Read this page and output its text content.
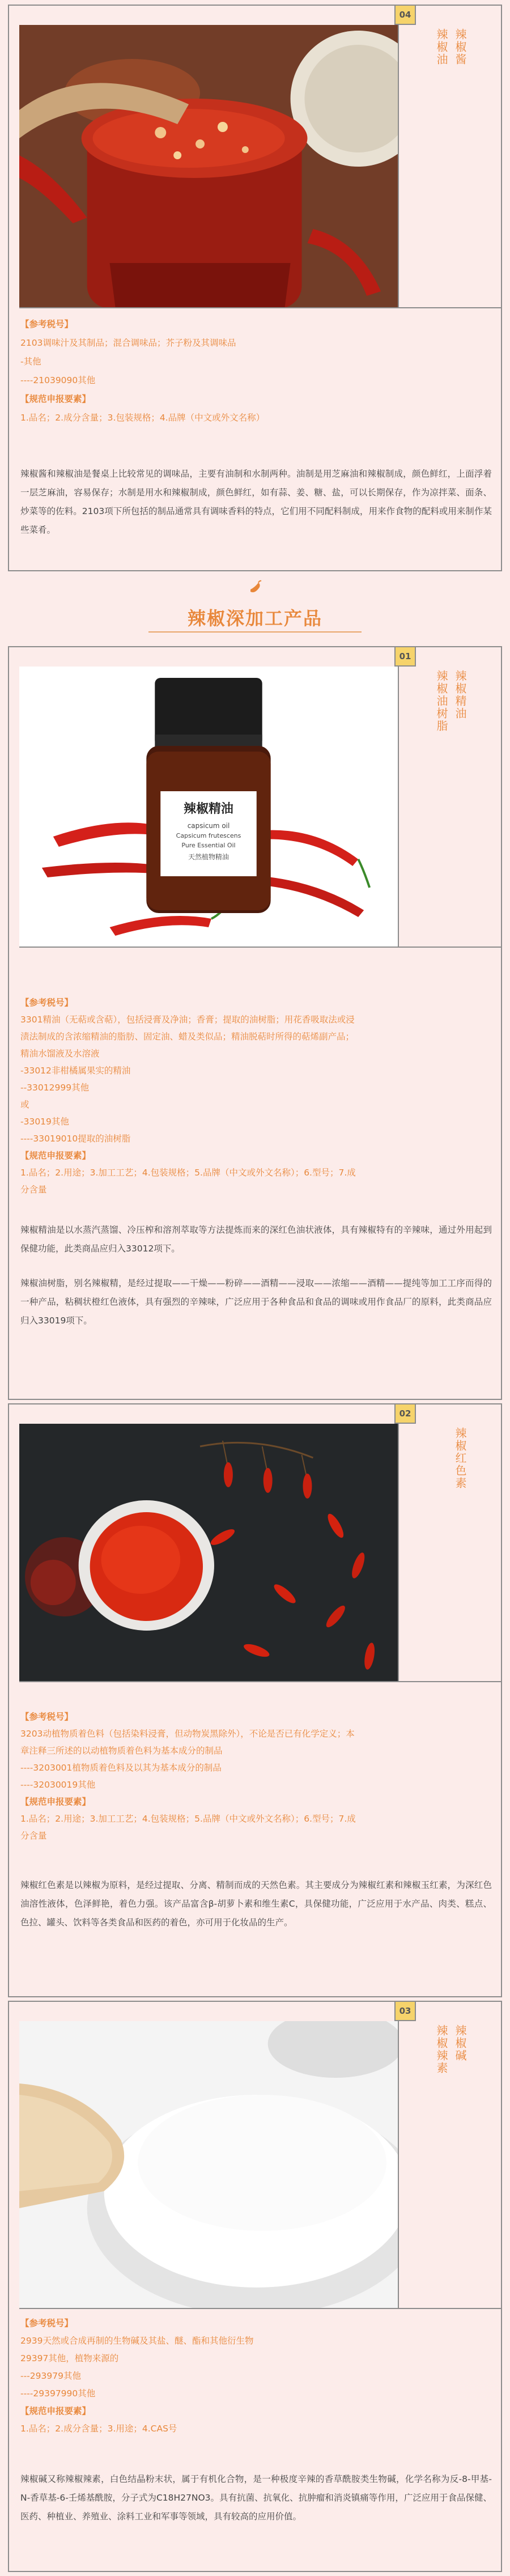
04
辣椒酱
辣椒油
【参考税号】
2103调味汁及其制品；混合调味品；芥子粉及其调味品
-其他
----21039090其他
【规范申报要素】
1.品名；2.成分含量；3.包装规格；4.品牌（中文或外文名称）

辣椒酱和辣椒油是餐桌上比较常见的调味品，主要有油制和水制两种。油制是用芝麻油和辣椒制成，颜色鲜红，上面浮着一层芝麻油，容易保存；水制是用水和辣椒制成，颜色鲜红，如有蒜、姜、糖、盐，可以长期保存，作为凉拌菜、面条、炒菜等的佐料。2103项下所包括的制品通常具有调味香料的特点，它们用不同配料制成，用来作食物的配料或用来制作某些菜肴。

辣椒深加工产品
01
辣椒精油
capsicum oil
Capsicum frutescens
Pure Essential Oil
天然植物精油
辣椒精油
辣椒油树脂
【参考税号】
3301精油（无萜或含萜），包括浸膏及净油；香膏；提取的油树脂；用花香吸取法或浸
渍法制成的含浓缩精油的脂肪、固定油、蜡及类似品；精油脱萜时所得的萜烯副产品；
精油水馏液及水溶液
-33012非柑橘属果实的精油
--33012999其他
或
-33019其他
----33019010提取的油树脂
【规范申报要素】
1.品名；2.用途；3.加工工艺；4.包装规格；5.品牌（中文或外文名称）；6.型号；7.成
分含量

辣椒精油是以水蒸汽蒸馏、冷压榨和溶剂萃取等方法提炼而来的深红色油状液体，具有辣椒特有的辛辣味，通过外用起到保健功能，此类商品应归入33012项下。

辣椒油树脂，别名辣椒精，是经过提取——干燥——粉碎——酒精——浸取——浓缩——酒精——提纯等加工工序而得的一种产品，粘稠状橙红色液体，具有强烈的辛辣味，广泛应用于各种食品和食品的调味或用作食品厂的原料，此类商品应归入33019项下。

02
辣椒红色素
【参考税号】
3203动植物质着色料（包括染料浸膏，但动物炭黑除外），不论是否已有化学定义；本
章注释三所述的以动植物质着色料为基本成分的制品
----3203001植物质着色料及以其为基本成分的制品
----32030019其他
【规范申报要素】
1.品名；2.用途；3.加工工艺；4.包装规格；5.品牌（中文或外文名称）；6.型号；7.成
分含量

辣椒红色素是以辣椒为原料，是经过提取、分离、精制而成的天然色素。其主要成分为辣椒红素和辣椒玉红素，为深红色油溶性液体，色泽鲜艳，着色力强。该产品富含β-胡萝卜素和维生素C，具保健功能，广泛应用于水产品、肉类、糕点、色拉、罐头、饮料等各类食品和医药的着色，亦可用于化妆品的生产。

03
辣椒碱
辣椒辣素
【参考税号】
2939天然或合成再制的生物碱及其盐、醚、酯和其他衍生物
29397其他，植物来源的
---293979其他
----29397990其他
【规范申报要素】
1.品名；2.成分含量；3.用途；4.CAS号

辣椒碱又称辣椒辣素，白色结晶粉末状，属于有机化合物，是一种极度辛辣的香草酰胺类生物碱，化学名称为反-8-甲基-N-香草基-6-壬烯基酰胺，分子式为C18H27NO3。具有抗菌、抗氧化、抗肿瘤和消炎镇痛等作用，广泛应用于食品保健、医药、种植业、养殖业、涂料工业和军事等领域，具有较高的应用价值。
